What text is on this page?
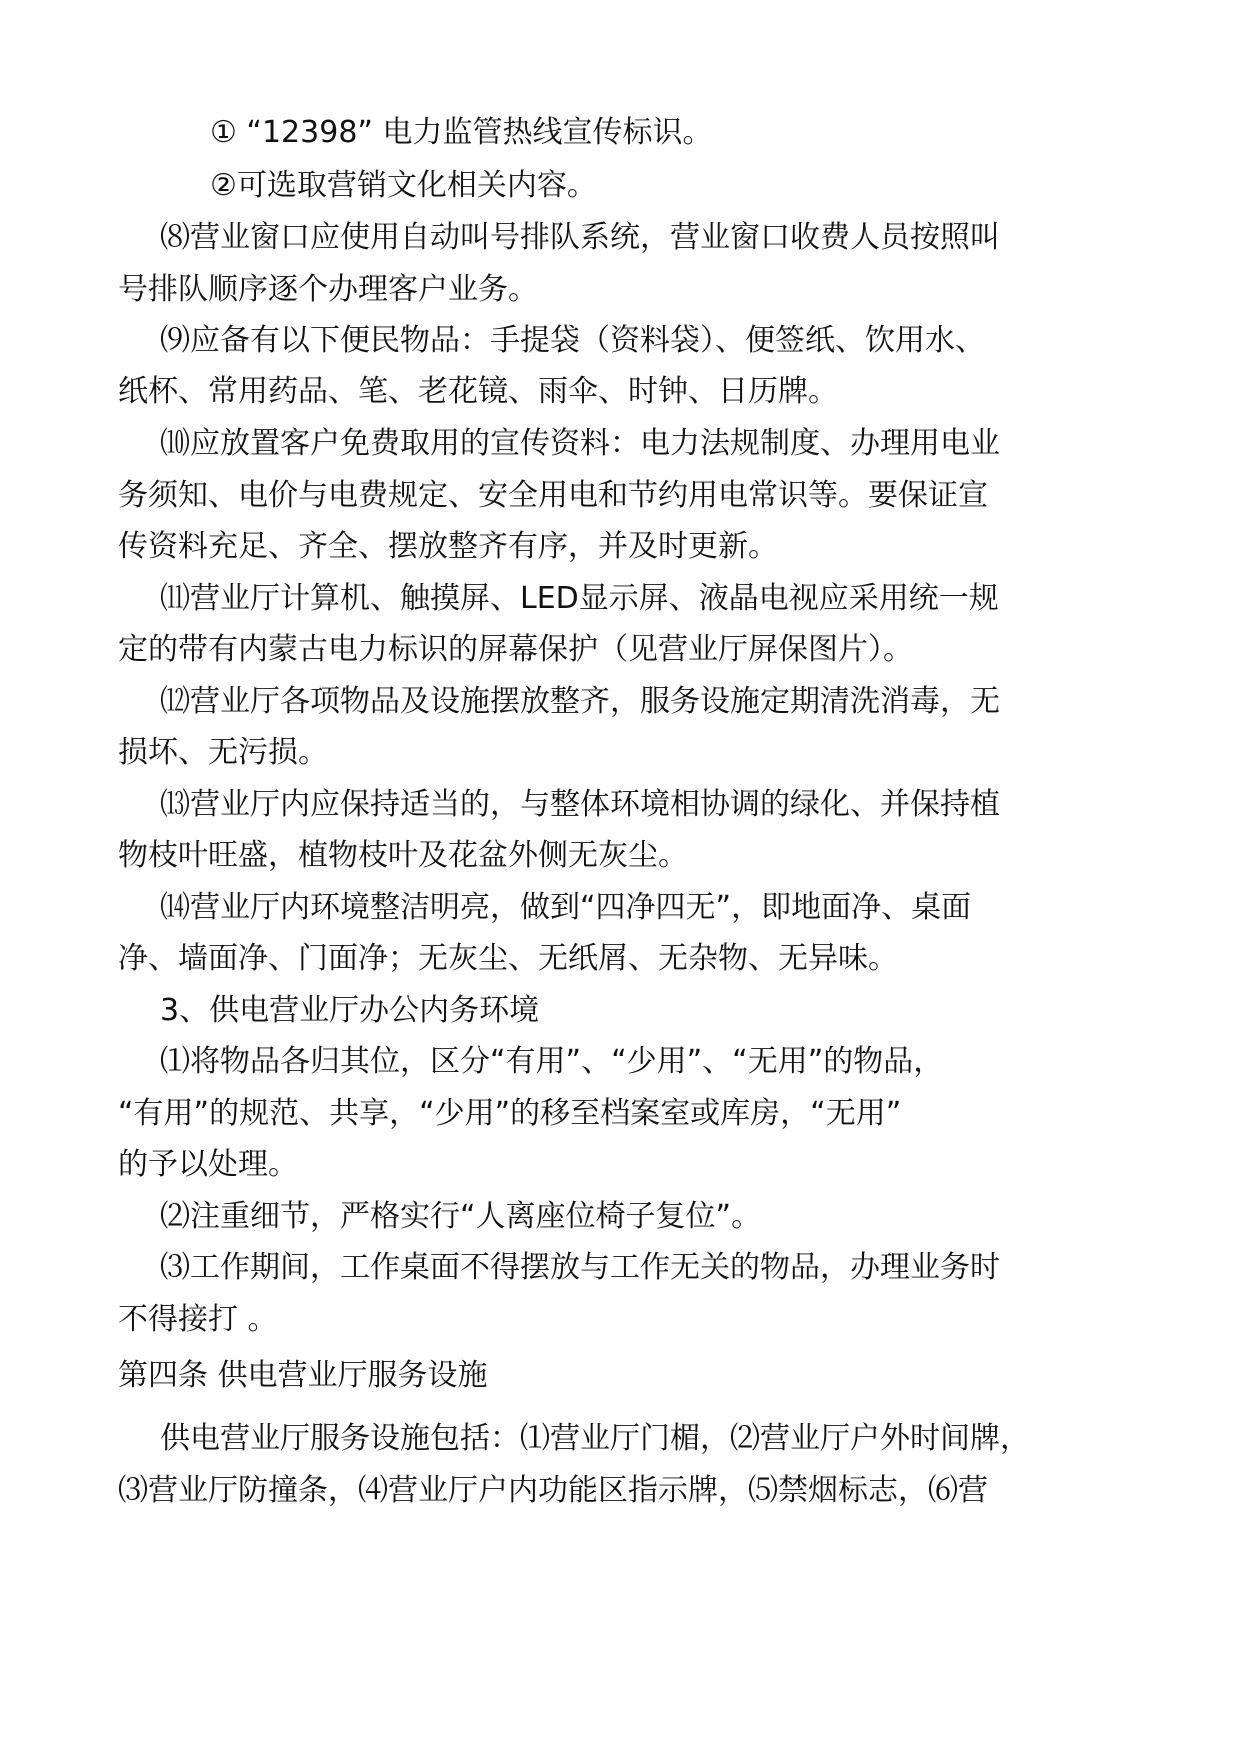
① “12398” 电力监管热线宣传标识。
②可选取营销文化相关内容。
⑻营业窗口应使用自动叫号排队系统，营业窗口收费人员按照叫
号排队顺序逐个办理客户业务。
⑼应备有以下便民物品：手提袋（资料袋）、便签纸、饮用水、
纸杯、常用药品、笔、老花镜、雨伞、时钟、日历牌。
⑽应放置客户免费取用的宣传资料：电力法规制度、办理用电业
务须知、电价与电费规定、安全用电和节约用电常识等。要保证宣
传资料充足、齐全、摆放整齐有序，并及时更新。
⑾营业厅计算机、触摸屏、LED显示屏、液晶电视应采用统一规
定的带有内蒙古电力标识的屏幕保护（见营业厅屏保图片）。
⑿营业厅各项物品及设施摆放整齐，服务设施定期清洗消毒，无
损坏、无污损。
⒀营业厅内应保持适当的，与整体环境相协调的绿化、并保持植
物枝叶旺盛，植物枝叶及花盆外侧无灰尘。
⒁营业厅内环境整洁明亮，做到“四净四无”，即地面净、桌面
净、墙面净、门面净；无灰尘、无纸屑、无杂物、无异味。
3、供电营业厅办公内务环境
⑴将物品各归其位，区分“有用”、“少用”、“无用”的物品，
“有用”的规范、共享，“少用”的移至档案室或库房，“无用”
的予以处理。
⑵注重细节，严格实行“人离座位椅子复位”。
⑶工作期间，工作桌面不得摆放与工作无关的物品，办理业务时
不得接打 。
第四条 供电营业厅服务设施
供电营业厅服务设施包括：⑴营业厅门楣，⑵营业厅户外时间牌，
⑶营业厅防撞条，⑷营业厅户内功能区指示牌，⑸禁烟标志，⑹营
